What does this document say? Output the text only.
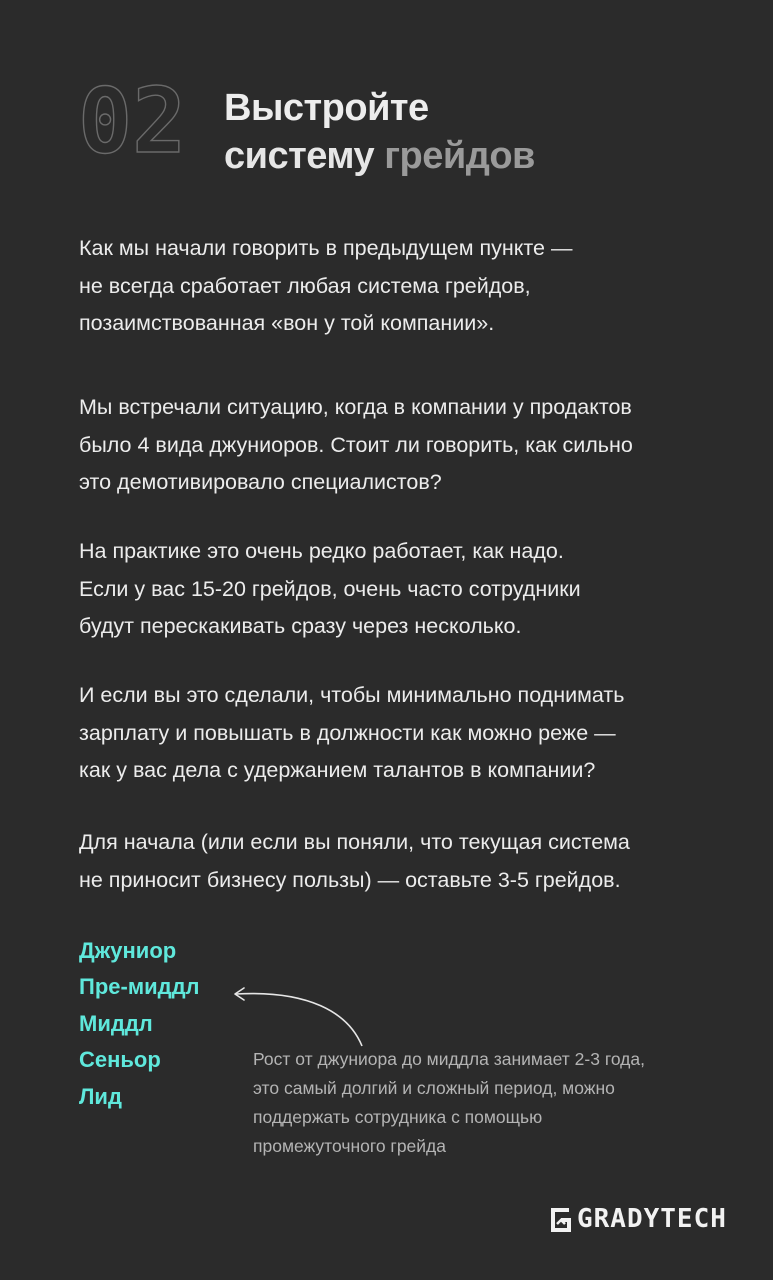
02 Выстройте
систему грейдов
Как мы начали говорить в предыдущем пункте —
не всегда сработает любая система грейдов,
позаимствованная «вон у той компании».
Мы встречали ситуацию, когда в компании у продактов
было 4 вида джуниоров. Стоит ли говорить, как сильно
это демотивировало специалистов?
На практике это очень редко работает, как надо.
Если у вас 15-20 грейдов, очень часто сотрудники
будут перескакивать сразу через несколько.
И если вы это сделали, чтобы минимально поднимать
зарплату и повышать в должности как можно реже —
как у вас дела с удержанием талантов в компании?
Для начала (или если вы поняли, что текущая система
не приносит бизнесу пользы) — оставьте 3-5 грейдов.
Джуниор
Пре-миддл
Миддл
Сеньор
Лид
Рост от джуниора до миддла занимает 2-3 года,
это самый долгий и сложный период, можно
поддержать сотрудника с помощью
промежуточного грейда
GRADYTECH
